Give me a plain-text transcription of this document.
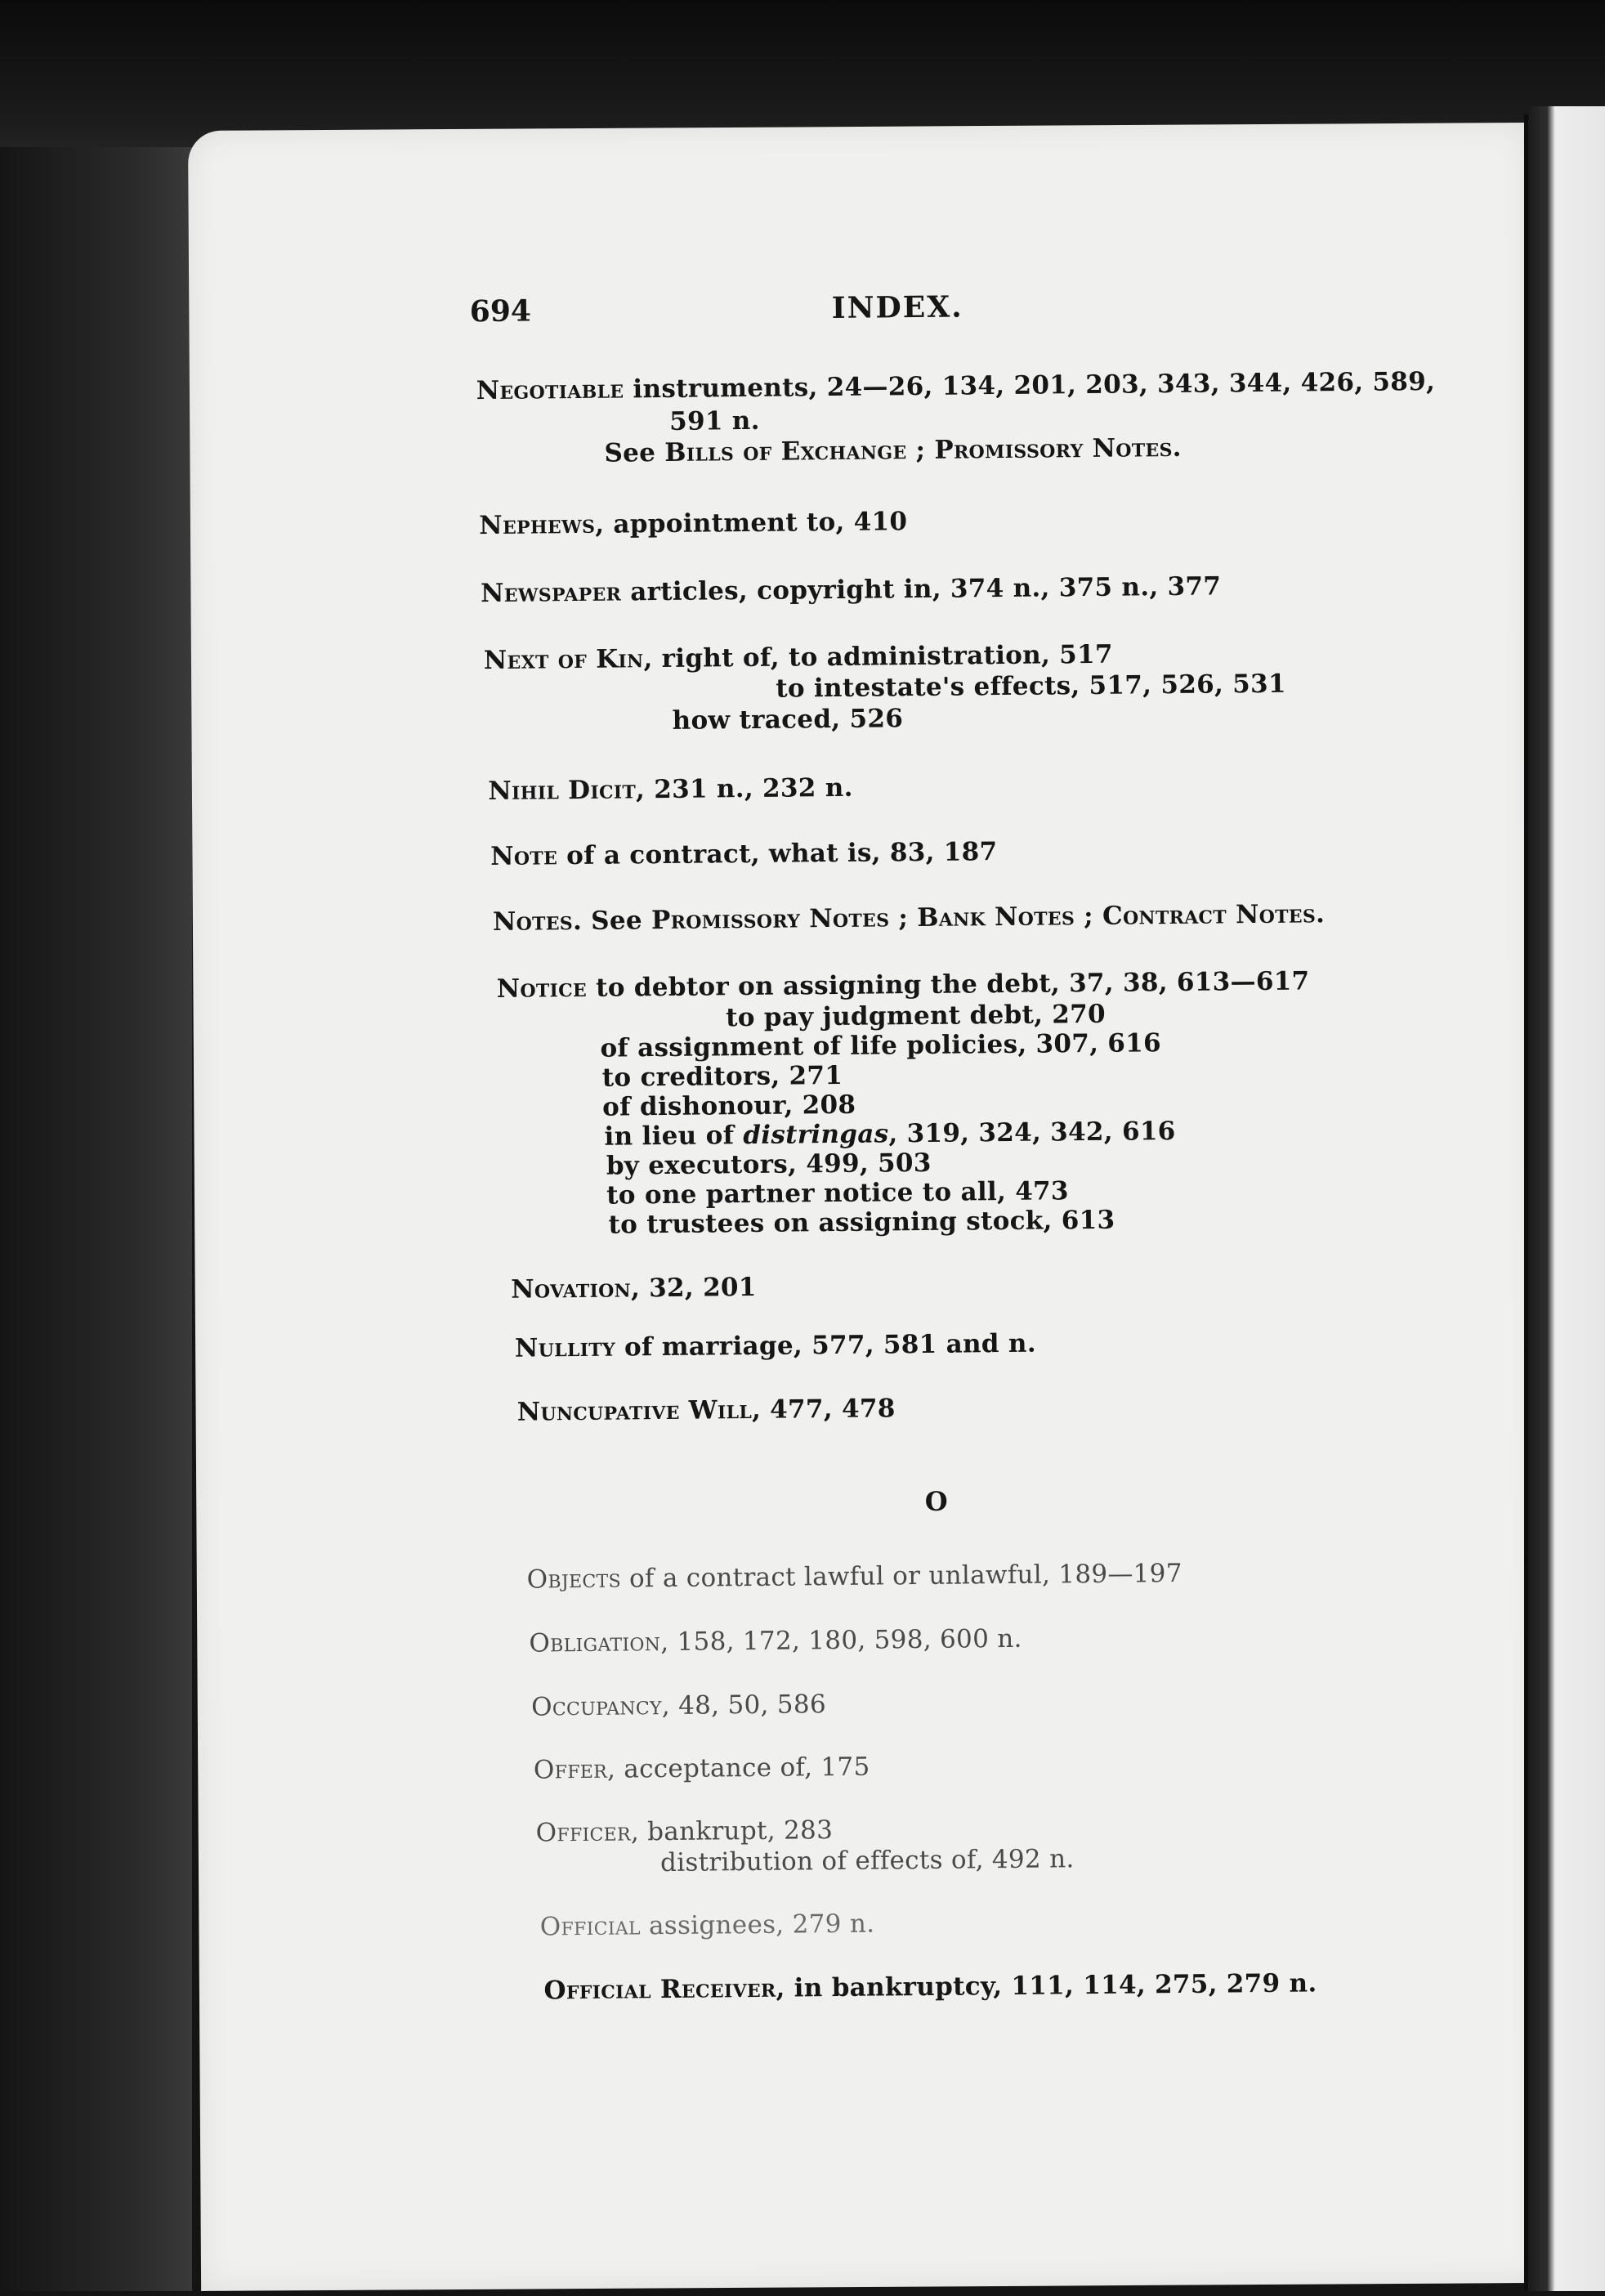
694	INDEX.
Negotiable instruments, 24—26, 134, 201, 203, 343, 344, 426, 589,
591 n.
See Bills of Exchange ; Promissory Notes.
Nephews, appointment to, 410
Newspaper articles, copyright in, 374 n., 375 n., 377
Next of Kin, right of, to administration, 517
to intestate's effects, 517, 526, 531
how traced, 526
Nihil Dicit, 231 n., 232 n.
Note of a contract, what is, 83, 187
Notes. See Promissory Notes ; Bank Notes ; Contract Notes.
Notice to debtor on assigning the debt, 37, 38, 613—617
to pay judgment debt, 270
of assignment of life policies, 307, 616
to creditors, 271
of dishonour, 208
in lieu of distringas, 319, 324, 342, 616
by executors, 499, 503
to one partner notice to all, 473
to trustees on assigning stock, 613
Novation, 32, 201
Nullity of marriage, 577, 581 and n.
Nuncupative Will, 477, 478
O
Objects of a contract lawful or unlawful, 189—197
Obligation, 158, 172, 180, 598, 600 n.
Occupancy, 48, 50, 586
Offer, acceptance of, 175
Officer, bankrupt, 283
distribution of effects of, 492 n.
Official assignees, 279 n.
Official Receiver, in bankruptcy, 111, 114, 275, 279 n.
